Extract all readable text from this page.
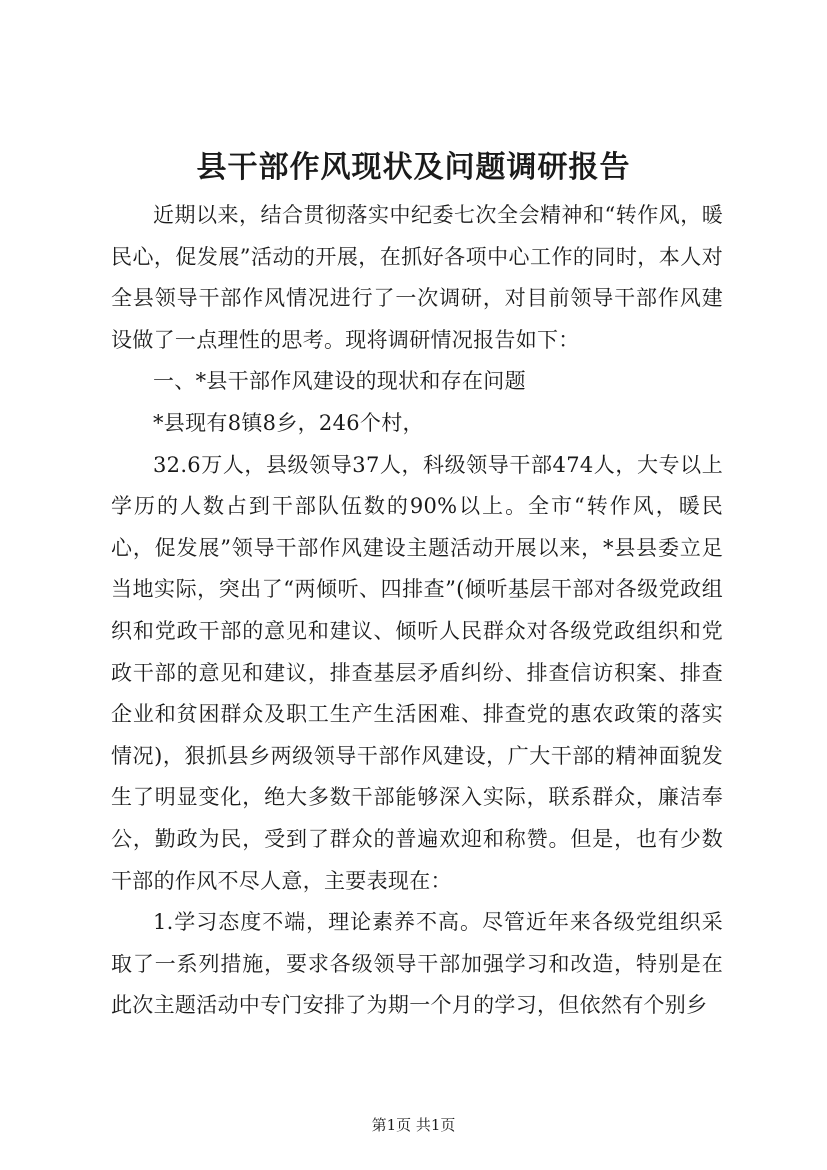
县干部作风现状及问题调研报告

近期以来，结合贯彻落实中纪委七次全会精神和“转作风，暖民心，促发展”活动的开展，在抓好各项中心工作的同时，本人对全县领导干部作风情况进行了一次调研，对目前领导干部作风建设做了一点理性的思考。现将调研情况报告如下：

一、*县干部作风建设的现状和存在问题

*县现有8镇8乡，246个村，

32.6万人，县级领导37人，科级领导干部474人，大专以上学历的人数占到干部队伍数的90%以上。全市“转作风，暖民心，促发展”领导干部作风建设主题活动开展以来，*县县委立足当地实际，突出了“两倾听、四排查”(倾听基层干部对各级党政组织和党政干部的意见和建议、倾听人民群众对各级党政组织和党政干部的意见和建议，排查基层矛盾纠纷、排查信访积案、排查企业和贫困群众及职工生产生活困难、排查党的惠农政策的落实情况)，狠抓县乡两级领导干部作风建设，广大干部的精神面貌发生了明显变化，绝大多数干部能够深入实际，联系群众，廉洁奉公，勤政为民，受到了群众的普遍欢迎和称赞。但是，也有少数干部的作风不尽人意，主要表现在：

1.学习态度不端，理论素养不高。尽管近年来各级党组织采取了一系列措施，要求各级领导干部加强学习和改造，特别是在此次主题活动中专门安排了为期一个月的学习，但依然有个别乡

第1页 共1页
